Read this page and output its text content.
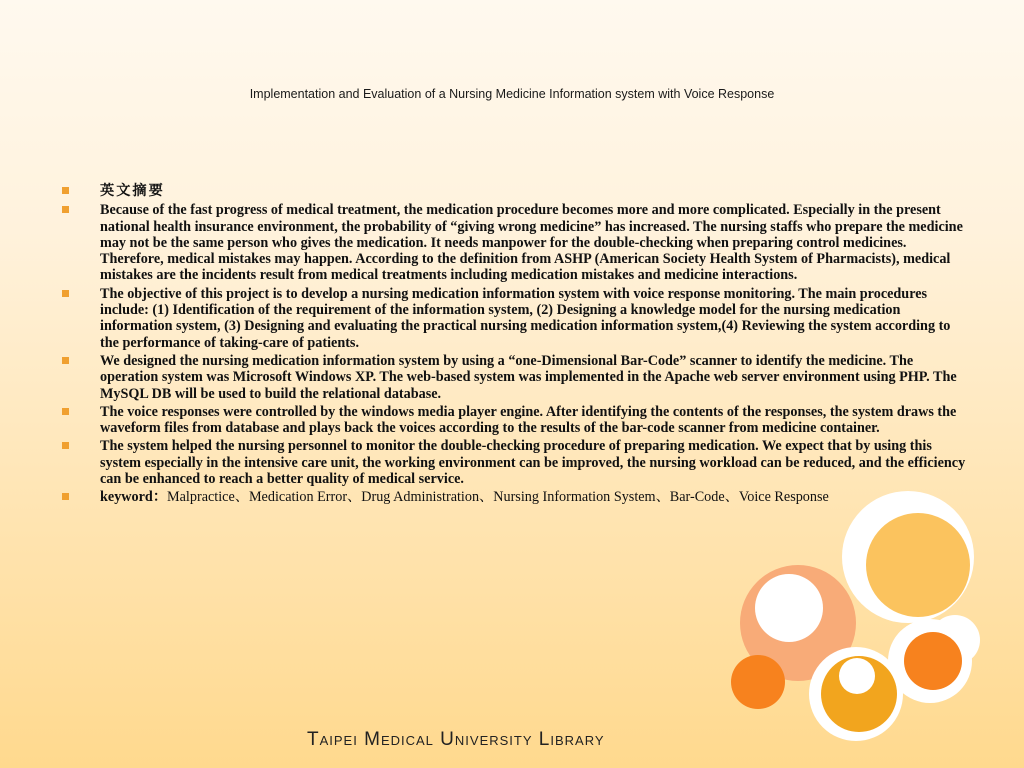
Implementation and Evaluation of a Nursing Medicine Information system with Voice Response
英文摘要
Because of the fast progress of medical treatment, the medication procedure becomes more and more complicated. Especially in the present national health insurance environment, the probability of “giving wrong medicine” has increased. The nursing staffs who prepare the medicine may not be the same person who gives the medication. It needs manpower for the double-checking when preparing control medicines. Therefore, medical mistakes may happen. According to the definition from ASHP (American Society Health System of Pharmacists), medical mistakes are the incidents result from medical treatments including medication mistakes and medicine interactions.
The objective of this project is to develop a nursing medication information system with voice response monitoring. The main procedures include: (1) Identification of the requirement of the information system, (2) Designing a knowledge model for the nursing medication information system, (3) Designing and evaluating the practical nursing medication information system,(4) Reviewing the system according to the performance of taking-care of patients.
We designed the nursing medication information system by using a “one-Dimensional Bar-Code” scanner to identify the medicine. The operation system was Microsoft Windows XP. The web-based system was implemented in the Apache web server environment using PHP. The MySQL DB will be used to build the relational database.
The voice responses were controlled by the windows media player engine. After identifying the contents of the responses, the system draws the waveform files from database and plays back the voices according to the results of the bar-code scanner from medicine container.
The system helped the nursing personnel to monitor the double-checking procedure of preparing medication. We expect that by using this system especially in the intensive care unit, the working environment can be improved, the nursing workload can be reduced, and the efficiency can be enhanced to reach a better quality of medical service.
keyword：Malpractice、Medication Error、Drug Administration、Nursing Information System、Bar-Code、Voice Response
Taipei Medical University Library
